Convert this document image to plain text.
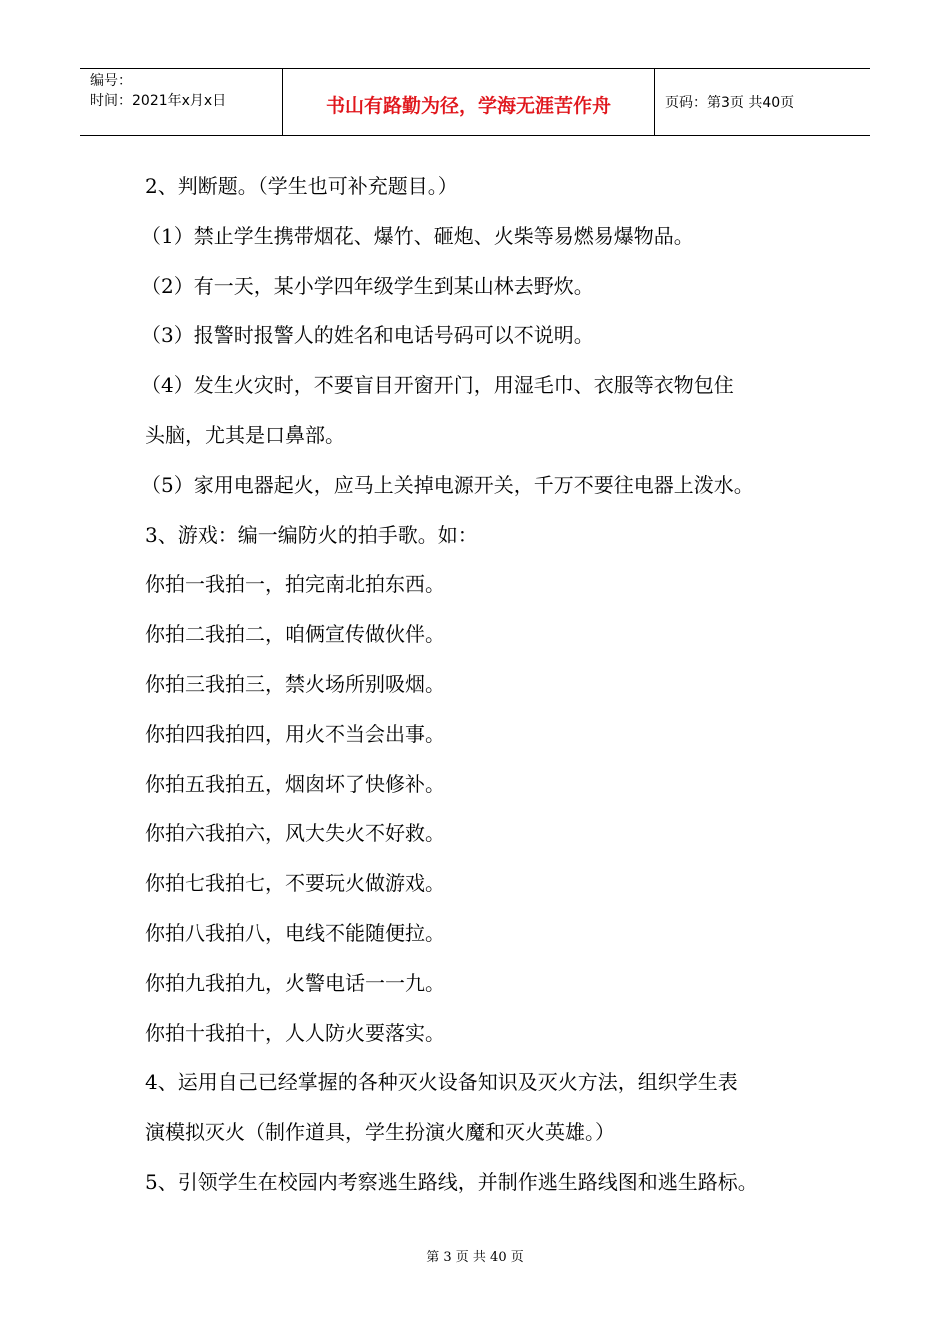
编号：
时间：2021年x月x日	书山有路勤为径，学海无涯苦作舟	页码：第3页 共40页

2、判断题。（学生也可补充题目。）

（1）禁止学生携带烟花、爆竹、砸炮、火柴等易燃易爆物品。

（2）有一天，某小学四年级学生到某山林去野炊。

（3）报警时报警人的姓名和电话号码可以不说明。

（4）发生火灾时，不要盲目开窗开门，用湿毛巾、衣服等衣物包住

头脑，尤其是口鼻部。

（5）家用电器起火，应马上关掉电源开关，千万不要往电器上泼水。

3、游戏：编一编防火的拍手歌。如：

你拍一我拍一，拍完南北拍东西。

你拍二我拍二，咱俩宣传做伙伴。

你拍三我拍三，禁火场所别吸烟。

你拍四我拍四，用火不当会出事。

你拍五我拍五，烟囱坏了快修补。

你拍六我拍六，风大失火不好救。

你拍七我拍七，不要玩火做游戏。

你拍八我拍八，电线不能随便拉。

你拍九我拍九，火警电话一一九。

你拍十我拍十，人人防火要落实。

4、运用自己已经掌握的各种灭火设备知识及灭火方法，组织学生表

演模拟灭火（制作道具，学生扮演火魔和灭火英雄。）

5、引领学生在校园内考察逃生路线，并制作逃生路线图和逃生路标。

第 3 页 共 40 页
